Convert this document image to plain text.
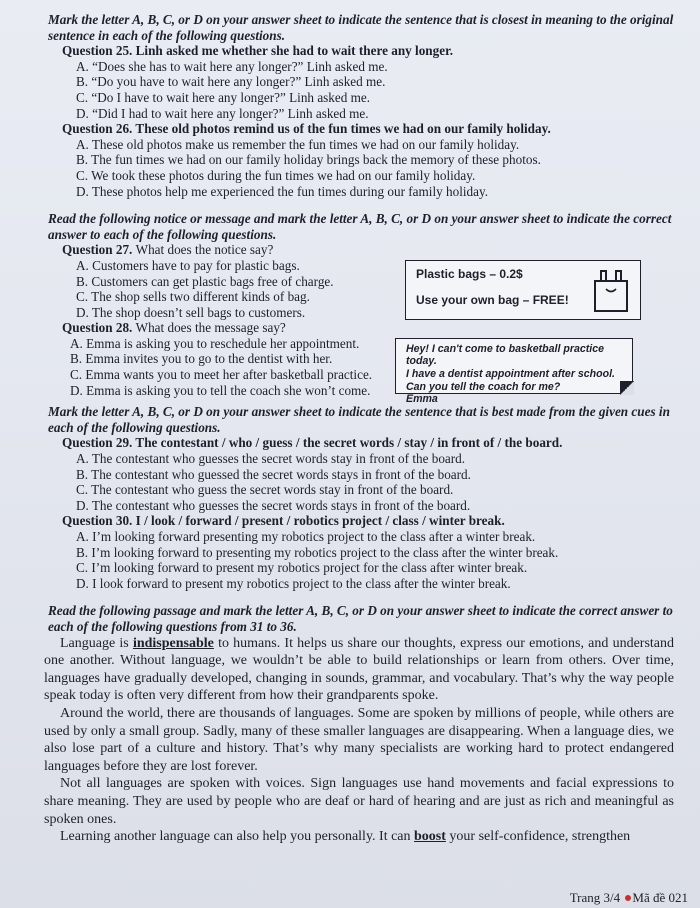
Mark the letter A, B, C, or D on your answer sheet to indicate the sentence that is closest in meaning to the original sentence in each of the following questions.

Question 25. Linh asked me whether she had to wait there any longer.

A. “Does she has to wait here any longer?” Linh asked me.

B. “Do you have to wait here any longer?” Linh asked me.

C. “Do I have to wait here any longer?” Linh asked me.

D. “Did I had to wait here any longer?” Linh asked me.

Question 26. These old photos remind us of the fun times we had on our family holiday.

A. These old photos make us remember the fun times we had on our family holiday.

B. The fun times we had on our family holiday brings back the memory of these photos.

C. We took these photos during the fun times we had on our family holiday.

D. These photos help me experienced the fun times during our family holiday.

Read the following notice or message and mark the letter A, B, C, or D on your answer sheet to indicate the correct answer to each of the following questions.

Question 27. What does the notice say?

A. Customers have to pay for plastic bags.

B. Customers can get plastic bags free of charge.

C. The shop sells two different kinds of bag.

D. The shop doesn’t sell bags to customers.

Plastic bags – 0.2$
Use your own bag – FREE!

Question 28. What does the message say?

A. Emma is asking you to reschedule her appointment.

B. Emma invites you to go to the dentist with her.

C. Emma wants you to meet her after basketball practice.

D. Emma is asking you to tell the coach she won’t come.

Hey! I can't come to basketball practice today.
I have a dentist appointment after school.
Can you tell the coach for me?
Emma

Mark the letter A, B, C, or D on your answer sheet to indicate the sentence that is best made from the given cues in each of the following questions.

Question 29. The contestant / who / guess / the secret words / stay / in front of / the board.

A. The contestant who guesses the secret words stay in front of the board.

B. The contestant who guessed the secret words stays in front of the board.

C. The contestant who guess the secret words stay in front of the board.

D. The contestant who guesses the secret words stays in front of the board.

Question 30. I / look / forward / present / robotics project / class / winter break.

A. I’m looking forward presenting my robotics project to the class after a winter break.

B. I’m looking forward to presenting my robotics project to the class after the winter break.

C. I’m looking forward to present my robotics project for the class after winter break.

D. I look forward to present my robotics project to the class after the winter break.

Read the following passage and mark the letter A, B, C, or D on your answer sheet to indicate the correct answer to each of the following questions from 31 to 36.

Language is indispensable to humans. It helps us share our thoughts, express our emotions, and understand one another. Without language, we wouldn’t be able to build relationships or learn from others. Over time, languages have gradually developed, changing in sounds, grammar, and vocabulary. That’s why the way people speak today is often very different from how their grandparents spoke.

Around the world, there are thousands of languages. Some are spoken by millions of people, while others are used by only a small group. Sadly, many of these smaller languages are disappearing. When a language dies, we also lose part of a culture and history. That’s why many specialists are working hard to protect endangered languages before they are lost forever.

Not all languages are spoken with voices. Sign languages use hand movements and facial expressions to share meaning. They are used by people who are deaf or hard of hearing and are just as rich and meaningful as spoken ones.

Learning another language can also help you personally. It can boost your self-confidence, strengthen

Trang 3/4 Mã đề 021
